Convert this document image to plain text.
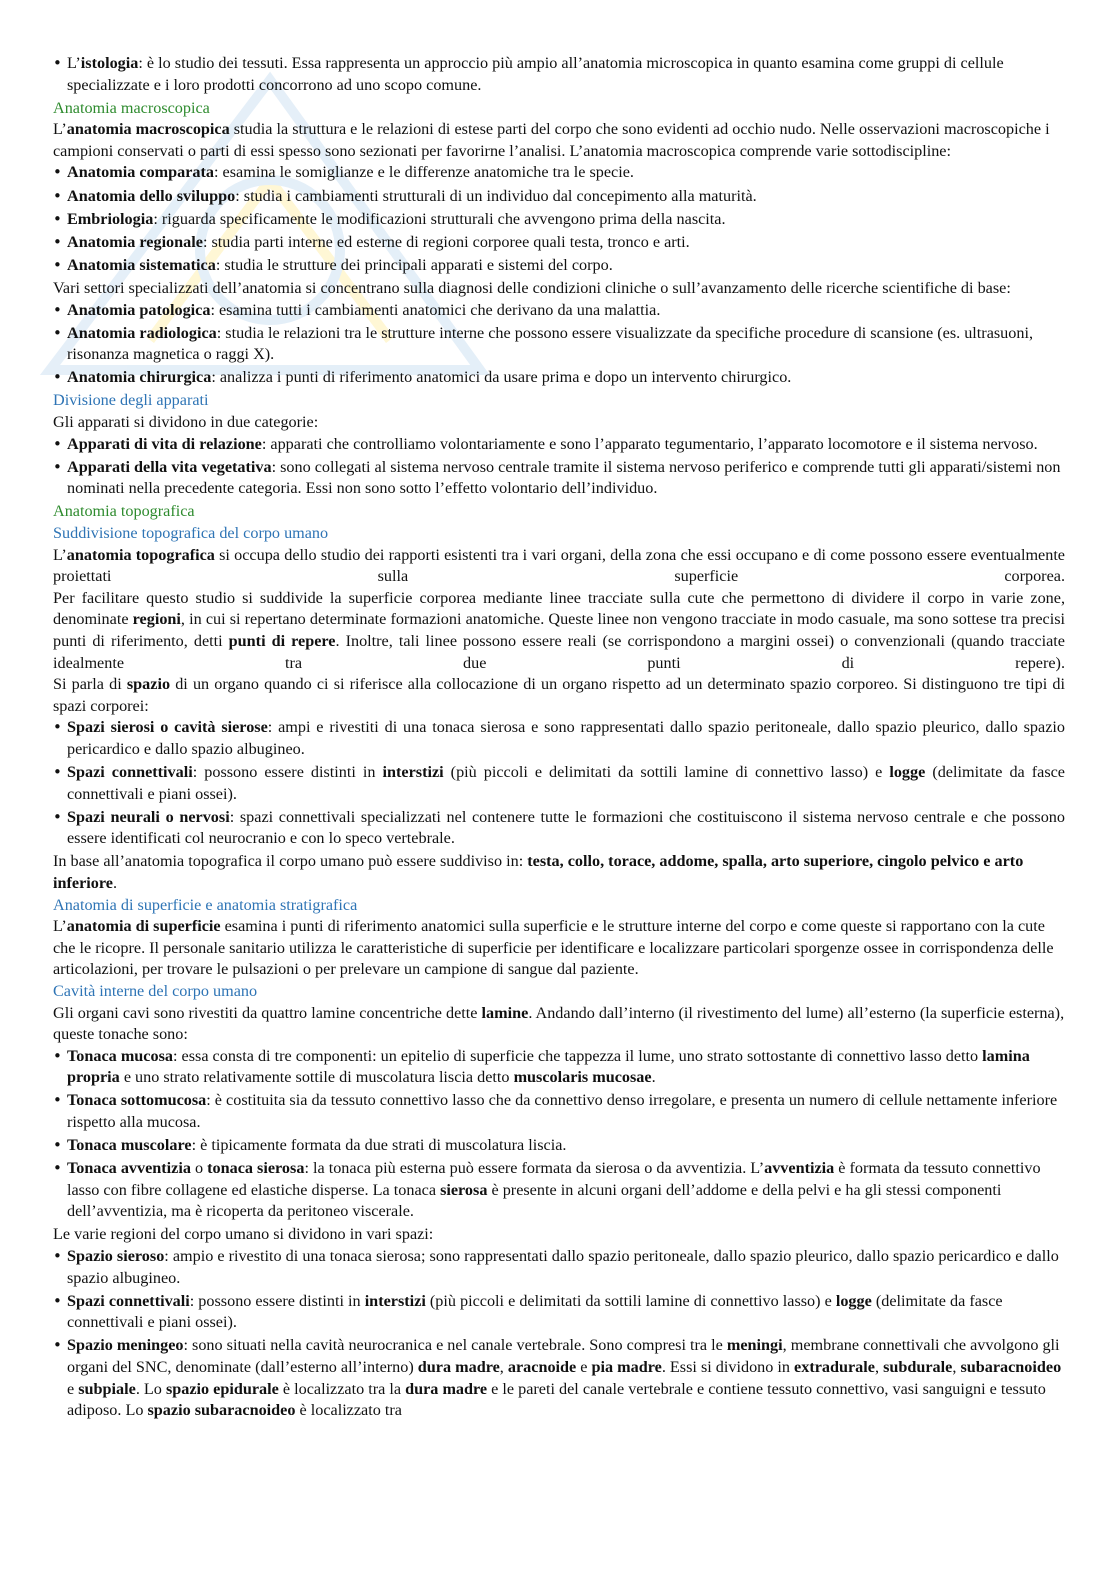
• L’istologia: è lo studio dei tessuti. Essa rappresenta un approccio più ampio all’anatomia microscopica in quanto esamina come gruppi di cellule specializzate e i loro prodotti concorrono ad uno scopo comune.
Anatomia macroscopica

L’anatomia macroscopica studia la struttura e le relazioni di estese parti del corpo che sono evidenti ad occhio nudo. Nelle osservazioni macroscopiche i campioni conservati o parti di essi spesso sono sezionati per favorirne l’analisi. L’anatomia macroscopica comprende varie sottodiscipline:

• Anatomia comparata: esamina le somiglianze e le differenze anatomiche tra le specie.
• Anatomia dello sviluppo: studia i cambiamenti strutturali di un individuo dal concepimento alla maturità.
• Embriologia: riguarda specificamente le modificazioni strutturali che avvengono prima della nascita.
• Anatomia regionale: studia parti interne ed esterne di regioni corporee quali testa, tronco e arti.
• Anatomia sistematica: studia le strutture dei principali apparati e sistemi del corpo.

Vari settori specializzati dell’anatomia si concentrano sulla diagnosi delle condizioni cliniche o sull’avanzamento delle ricerche scientifiche di base:

• Anatomia patologica: esamina tutti i cambiamenti anatomici che derivano da una malattia.
• Anatomia radiologica: studia le relazioni tra le strutture interne che possono essere visualizzate da specifiche procedure di scansione (es. ultrasuoni, risonanza magnetica o raggi X).
• Anatomia chirurgica: analizza i punti di riferimento anatomici da usare prima e dopo un intervento chirurgico.
Divisione degli apparati

Gli apparati si dividono in due categorie:

• Apparati di vita di relazione: apparati che controlliamo volontariamente e sono l’apparato tegumentario, l’apparato locomotore e il sistema nervoso.
• Apparati della vita vegetativa: sono collegati al sistema nervoso centrale tramite il sistema nervoso periferico e comprende tutti gli apparati/sistemi non nominati nella precedente categoria. Essi non sono sotto l’effetto volontario dell’individuo.
Anatomia topografica
Suddivisione topografica del corpo umano

L’anatomia topografica si occupa dello studio dei rapporti esistenti tra i vari organi, della zona che essi occupano e di come possono essere eventualmente proiettati sulla superficie corporea.

Per facilitare questo studio si suddivide la superficie corporea mediante linee tracciate sulla cute che permettono di dividere il corpo in varie zone, denominate regioni, in cui si repertano determinate formazioni anatomiche. Queste linee non vengono tracciate in modo casuale, ma sono sottese tra precisi punti di riferimento, detti punti di repere. Inoltre, tali linee possono essere reali (se corrispondono a margini ossei) o convenzionali (quando tracciate idealmente tra due punti di repere).

Si parla di spazio di un organo quando ci si riferisce alla collocazione di un organo rispetto ad un determinato spazio corporeo. Si distinguono tre tipi di spazi corporei:

• Spazi sierosi o cavità sierose: ampi e rivestiti di una tonaca sierosa e sono rappresentati dallo spazio peritoneale, dallo spazio pleurico, dallo spazio pericardico e dallo spazio albugineo.
• Spazi connettivali: possono essere distinti in interstizi (più piccoli e delimitati da sottili lamine di connettivo lasso) e logge (delimitate da fasce connettivali e piani ossei).
• Spazi neurali o nervosi: spazi connettivali specializzati nel contenere tutte le formazioni che costituiscono il sistema nervoso centrale e che possono essere identificati col neurocranio e con lo speco vertebrale.

In base all’anatomia topografica il corpo umano può essere suddiviso in: testa, collo, torace, addome, spalla, arto superiore, cingolo pelvico e arto inferiore.

Anatomia di superficie e anatomia stratigrafica

L’anatomia di superficie esamina i punti di riferimento anatomici sulla superficie e le strutture interne del corpo e come queste si rapportano con la cute che le ricopre. Il personale sanitario utilizza le caratteristiche di superficie per identificare e localizzare particolari sporgenze ossee in corrispondenza delle articolazioni, per trovare le pulsazioni o per prelevare un campione di sangue dal paziente.

Cavità interne del corpo umano

Gli organi cavi sono rivestiti da quattro lamine concentriche dette lamine. Andando dall’interno (il rivestimento del lume) all’esterno (la superficie esterna), queste tonache sono:

• Tonaca mucosa: essa consta di tre componenti: un epitelio di superficie che tappezza il lume, uno strato sottostante di connettivo lasso detto lamina propria e uno strato relativamente sottile di muscolatura liscia detto muscolaris mucosae.
• Tonaca sottomucosa: è costituita sia da tessuto connettivo lasso che da connettivo denso irregolare, e presenta un numero di cellule nettamente inferiore rispetto alla mucosa.
• Tonaca muscolare: è tipicamente formata da due strati di muscolatura liscia.
• Tonaca avventizia o tonaca sierosa: la tonaca più esterna può essere formata da sierosa o da avventizia. L’avventizia è formata da tessuto connettivo lasso con fibre collagene ed elastiche disperse. La tonaca sierosa è presente in alcuni organi dell’addome e della pelvi e ha gli stessi componenti dell’avventizia, ma è ricoperta da peritoneo viscerale.

Le varie regioni del corpo umano si dividono in vari spazi:

• Spazio sieroso: ampio e rivestito di una tonaca sierosa; sono rappresentati dallo spazio peritoneale, dallo spazio pleurico, dallo spazio pericardico e dallo spazio albugineo.
• Spazi connettivali: possono essere distinti in interstizi (più piccoli e delimitati da sottili lamine di connettivo lasso) e logge (delimitate da fasce connettivali e piani ossei).
• Spazio meningeo: sono situati nella cavità neurocranica e nel canale vertebrale. Sono compresi tra le meningi, membrane connettivali che avvolgono gli organi del SNC, denominate (dall’esterno all’interno) dura madre, aracnoide e pia madre. Essi si dividono in extradurale, subdurale, subaracnoideo e subpiale. Lo spazio epidurale è localizzato tra la dura madre e le pareti del canale vertebrale e contiene tessuto connettivo, vasi sanguigni e tessuto adiposo. Lo spazio subaracnoideo è localizzato tra
